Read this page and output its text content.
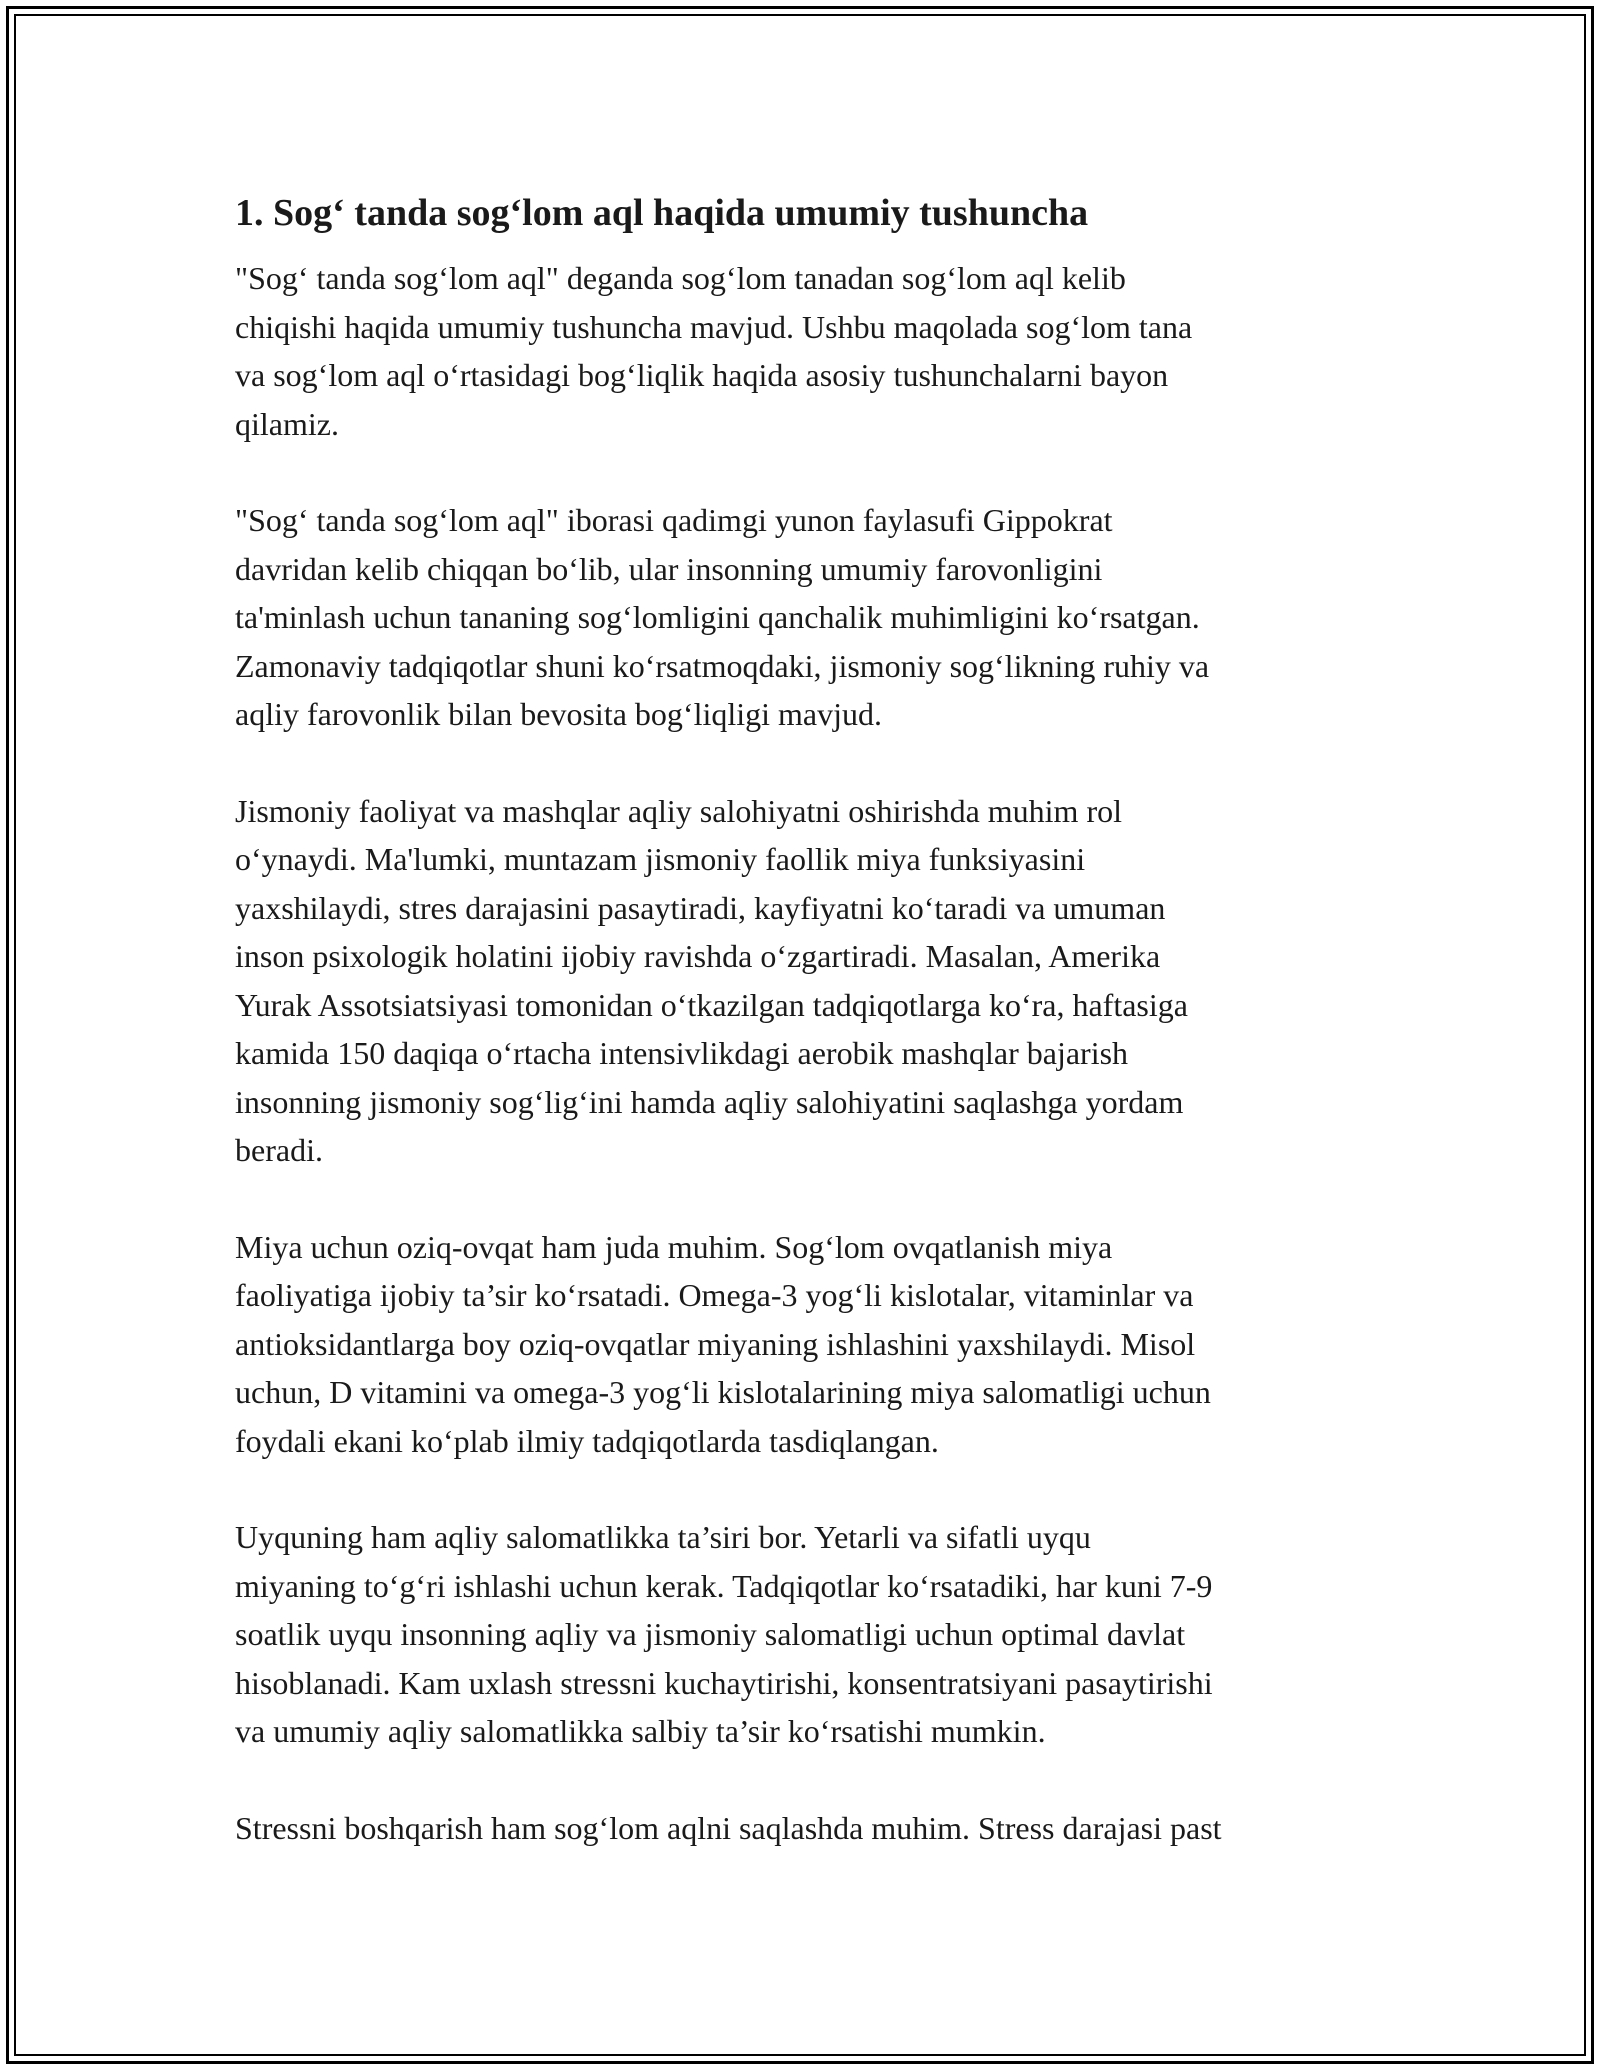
1. Sog‘ tanda sog‘lom aql haqida umumiy tushuncha

"Sog‘ tanda sog‘lom aql" deganda sog‘lom tanadan sog‘lom aql kelib
chiqishi haqida umumiy tushuncha mavjud. Ushbu maqolada sog‘lom tana
va sog‘lom aql o‘rtasidagi bog‘liqlik haqida asosiy tushunchalarni bayon
qilamiz.

"Sog‘ tanda sog‘lom aql" iborasi qadimgi yunon faylasufi Gippokrat
davridan kelib chiqqan bo‘lib, ular insonning umumiy farovonligini
ta'minlash uchun tananing sog‘lomligini qanchalik muhimligini ko‘rsatgan.
Zamonaviy tadqiqotlar shuni ko‘rsatmoqdaki, jismoniy sog‘likning ruhiy va
aqliy farovonlik bilan bevosita bog‘liqligi mavjud.

Jismoniy faoliyat va mashqlar aqliy salohiyatni oshirishda muhim rol
o‘ynaydi. Ma'lumki, muntazam jismoniy faollik miya funksiyasini
yaxshilaydi, stres darajasini pasaytiradi, kayfiyatni ko‘taradi va umuman
inson psixologik holatini ijobiy ravishda o‘zgartiradi. Masalan, Amerika
Yurak Assotsiatsiyasi tomonidan o‘tkazilgan tadqiqotlarga ko‘ra, haftasiga
kamida 150 daqiqa o‘rtacha intensivlikdagi aerobik mashqlar bajarish
insonning jismoniy sog‘lig‘ini hamda aqliy salohiyatini saqlashga yordam
beradi.

Miya uchun oziq-ovqat ham juda muhim. Sog‘lom ovqatlanish miya
faoliyatiga ijobiy ta’sir ko‘rsatadi. Omega-3 yog‘li kislotalar, vitaminlar va
antioksidantlarga boy oziq-ovqatlar miyaning ishlashini yaxshilaydi. Misol
uchun, D vitamini va omega-3 yog‘li kislotalarining miya salomatligi uchun
foydali ekani ko‘plab ilmiy tadqiqotlarda tasdiqlangan.

Uyquning ham aqliy salomatlikka ta’siri bor. Yetarli va sifatli uyqu
miyaning to‘g‘ri ishlashi uchun kerak. Tadqiqotlar ko‘rsatadiki, har kuni 7-9
soatlik uyqu insonning aqliy va jismoniy salomatligi uchun optimal davlat
hisoblanadi. Kam uxlash stressni kuchaytirishi, konsentratsiyani pasaytirishi
va umumiy aqliy salomatlikka salbiy ta’sir ko‘rsatishi mumkin.

Stressni boshqarish ham sog‘lom aqlni saqlashda muhim. Stress darajasi past
